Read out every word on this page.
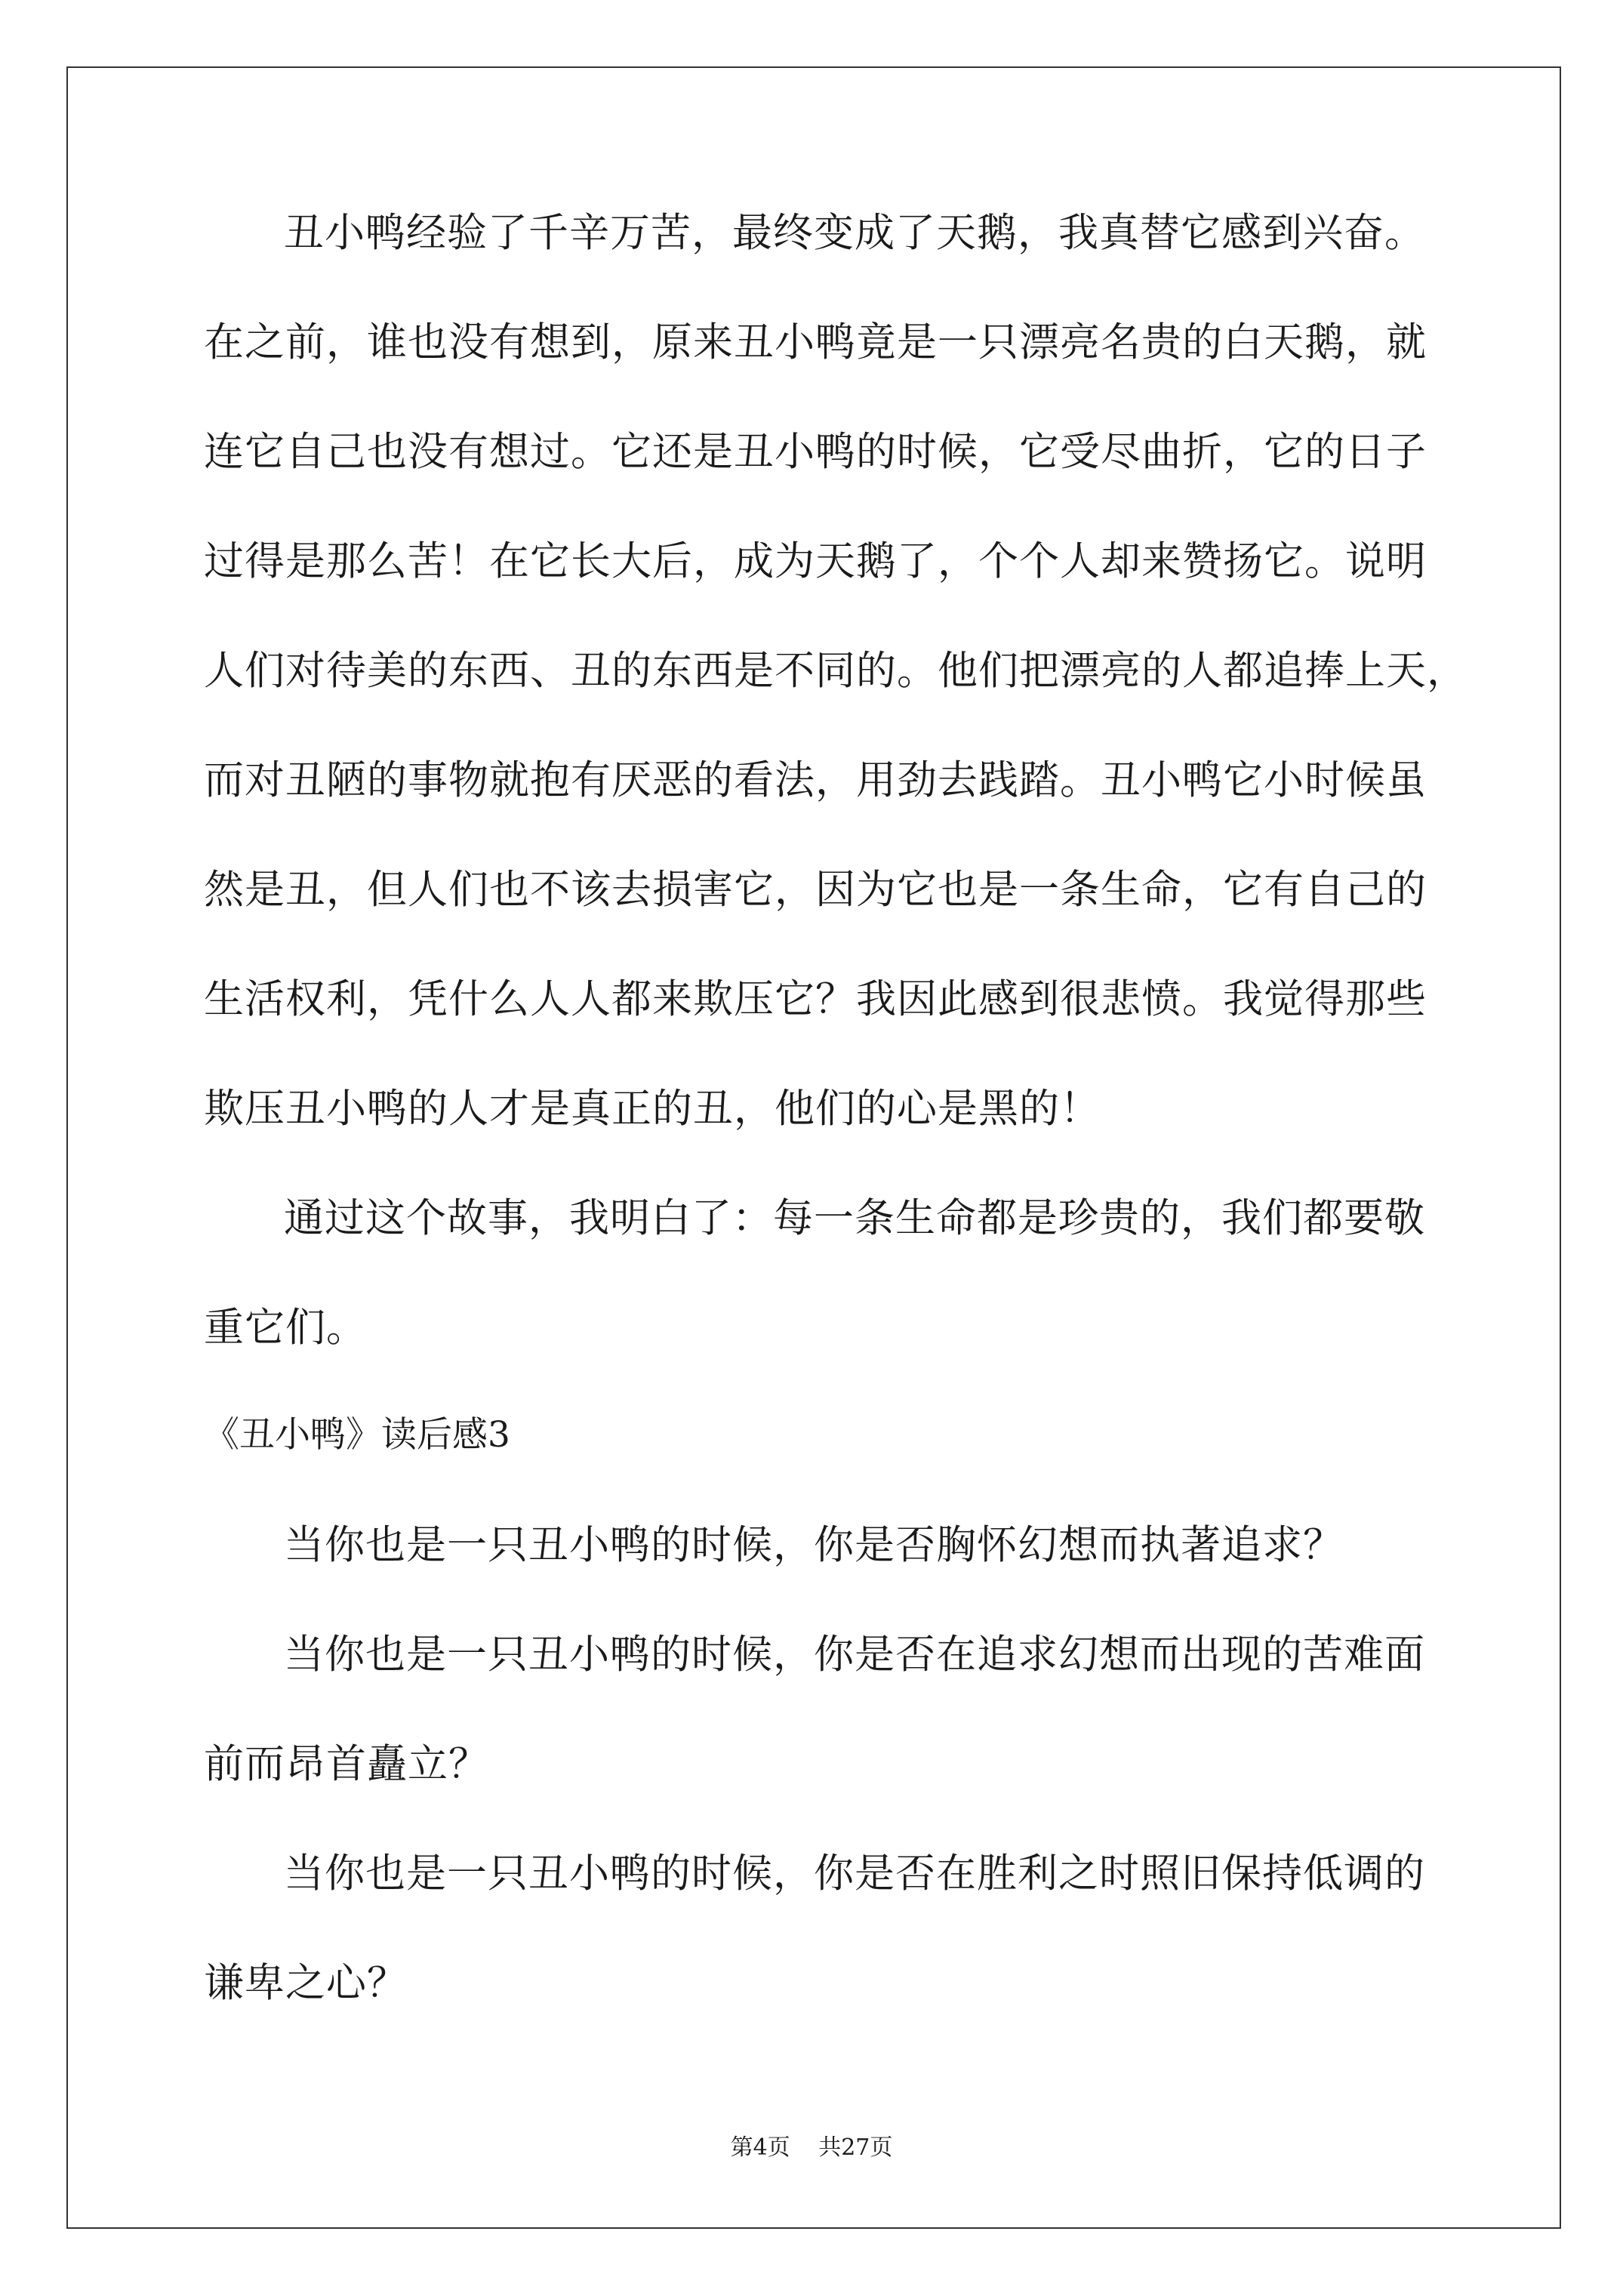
丑小鸭经验了千辛万苦，最终变成了天鹅，我真替它感到兴奋。
在之前，谁也没有想到，原来丑小鸭竟是一只漂亮名贵的白天鹅，就
连它自己也没有想过。它还是丑小鸭的时候，它受尽曲折，它的日子
过得是那么苦！在它长大后，成为天鹅了，个个人却来赞扬它。说明
人们对待美的东西、丑的东西是不同的。他们把漂亮的人都追捧上天，
而对丑陋的事物就抱有厌恶的看法，用劲去践踏。丑小鸭它小时候虽
然是丑，但人们也不该去损害它，因为它也是一条生命，它有自己的
生活权利，凭什么人人都来欺压它？我因此感到很悲愤。我觉得那些
欺压丑小鸭的人才是真正的丑，他们的心是黑的！
通过这个故事，我明白了：每一条生命都是珍贵的，我们都要敬
重它们。
《丑小鸭》读后感3
当你也是一只丑小鸭的时候，你是否胸怀幻想而执著追求？
当你也是一只丑小鸭的时候，你是否在追求幻想而出现的苦难面
前而昂首矗立？
当你也是一只丑小鸭的时候，你是否在胜利之时照旧保持低调的
谦卑之心？
第4页 共27页
